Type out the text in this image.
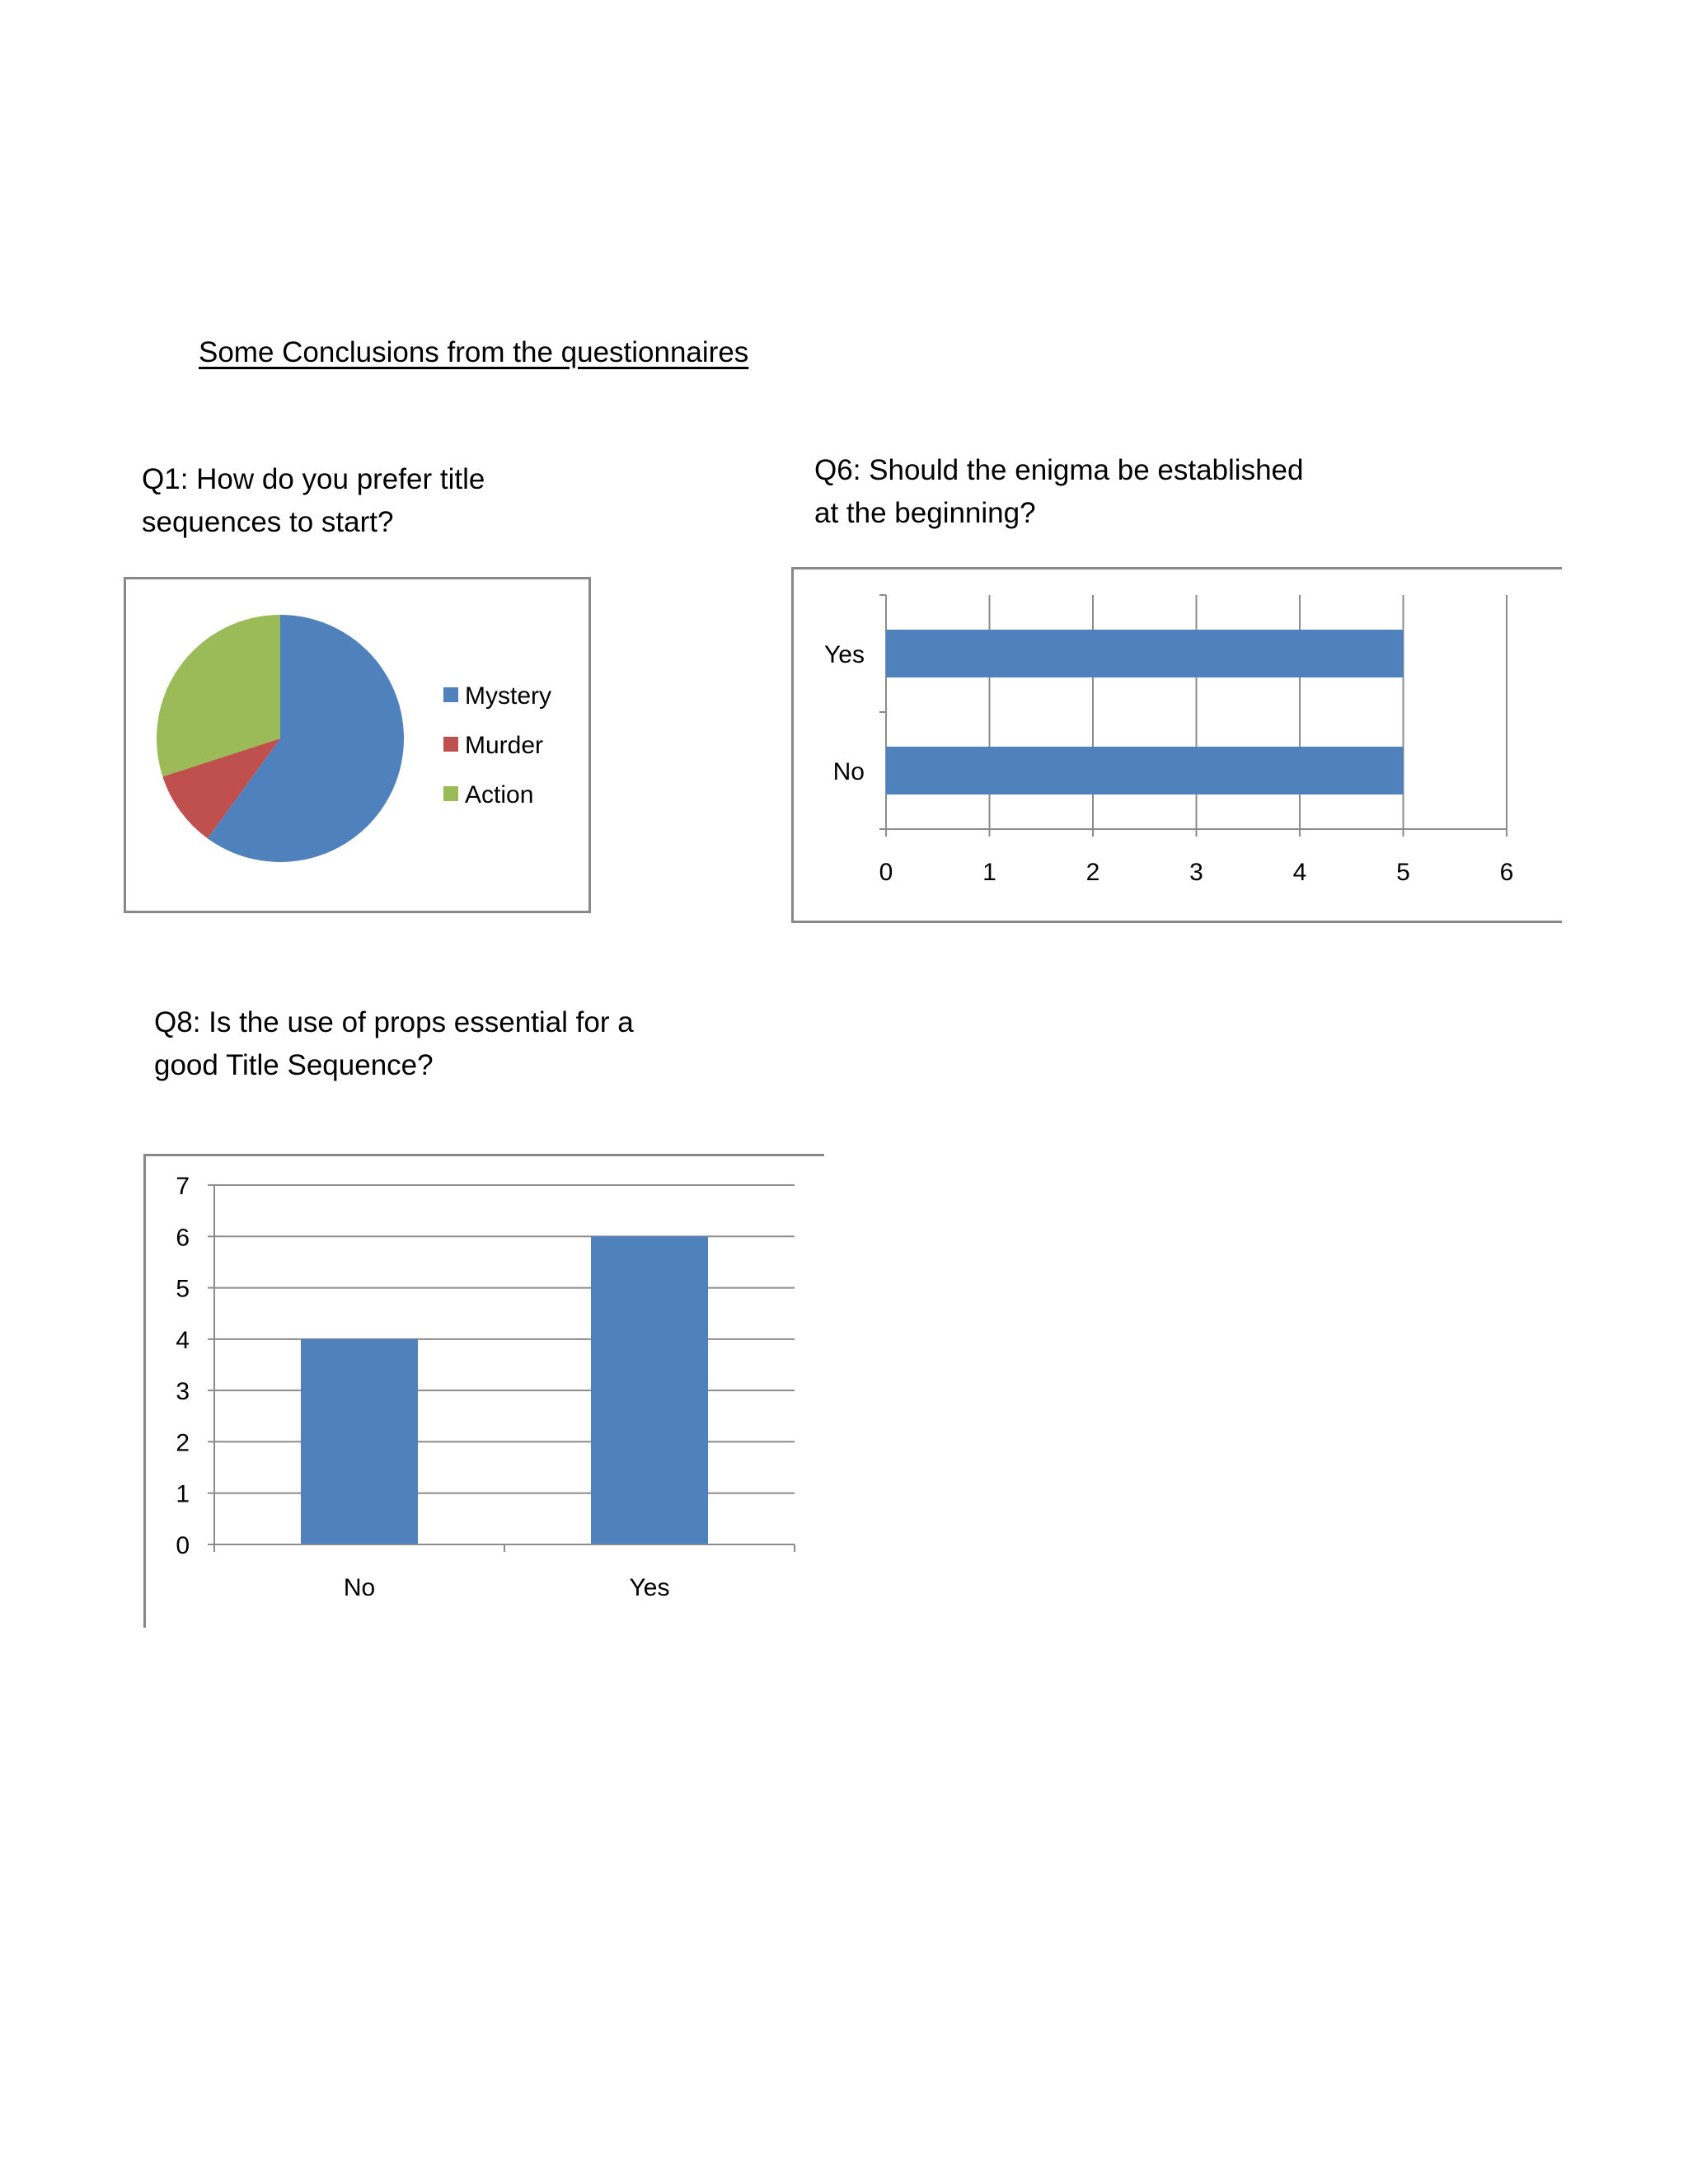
Some Conclusions from the questionnaires
Q1: How do you prefer title
sequences to start?
Q6: Should the enigma be established
at the beginning?
Q8: Is the use of props essential for a
good Title Sequence?
Mystery
Murder
Action
Yes
No
0	1	2	3	4	5	6
No	Yes
0
1
2
3
4
5
6
7
